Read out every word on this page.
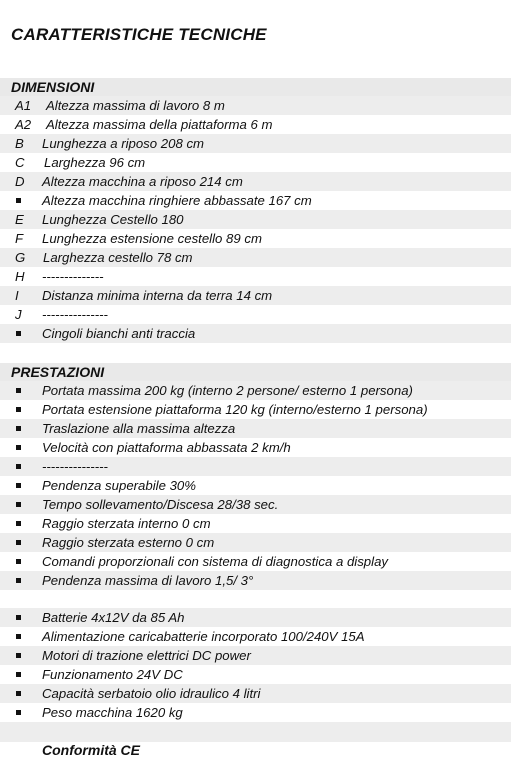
CARATTERISTICHE TECNICHE
DIMENSIONI
A1 Altezza massima di lavoro 8 m
A2 Altezza massima della piattaforma 6 m
B Lunghezza a riposo 208 cm
C Larghezza 96 cm
D Altezza macchina a riposo 214 cm
Altezza macchina ringhiere abbassate 167 cm
E Lunghezza Cestello 180
F Lunghezza estensione cestello 89 cm
G Larghezza cestello 78 cm
H --------------
I Distanza minima interna da terra 14 cm
J ---------------
Cingoli bianchi anti traccia
PRESTAZIONI
Portata massima 200 kg (interno 2 persone/ esterno 1 persona)
Portata estensione piattaforma 120 kg (interno/esterno 1 persona)
Traslazione alla massima altezza
Velocità con piattaforma abbassata 2 km/h
---------------
Pendenza superabile 30%
Tempo sollevamento/Discesa 28/38 sec.
Raggio sterzata interno 0 cm
Raggio sterzata esterno 0 cm
Comandi proporzionali con sistema di diagnostica a display
Pendenza massima di lavoro 1,5/ 3°
Batterie 4x12V da 85 Ah
Alimentazione caricabatterie incorporato 100/240V 15A
Motori di trazione elettrici DC power
Funzionamento 24V DC
Capacità serbatoio olio idraulico 4 litri
Peso macchina 1620 kg
Conformità CE
